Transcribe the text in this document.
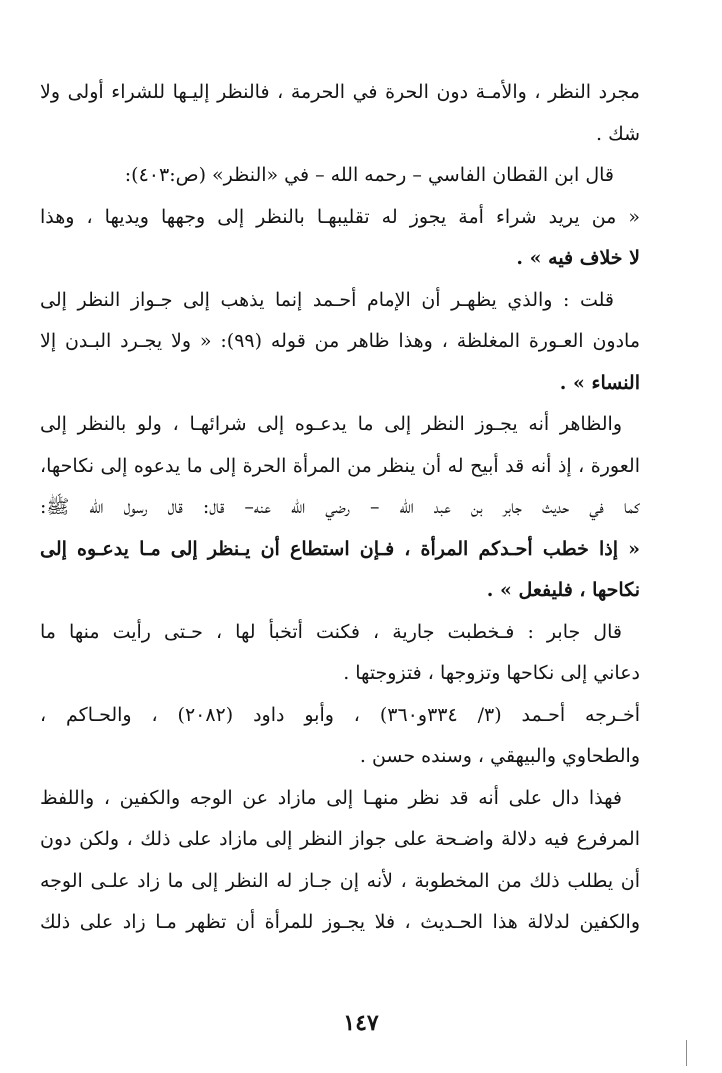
مجرد النظر ، والأمـة دون الحرة في الحرمة ، فالنظر إليـها للشراء أولى ولا
شك .
قال ابن القطان الفاسي – رحمه الله – في «النظر» (ص:٤٠٣):
« من يريد شراء أمة يجوز له تقليبهـا بالنظر إلى وجهها ويديها ، وهذا
لا خلاف فيه » .
قلت : والذي يظهـر أن الإمام أحـمد إنما يذهب إلى جـواز النظر إلى
مادون العـورة المغلظة ، وهذا ظاهر من قوله (٩٩): « ولا يجـرد البـدن إلا
النساء » .
والظاهر أنه يجـوز النظر إلى ما يدعـوه إلى شرائهـا ، ولو بالنظر إلى
العورة ، إذ أنه قد أبيح له أن ينظر من المرأة الحرة إلى ما يدعوه إلى نكاحها،
كما في حديث جابر بن عبد الله – رضي الله عنه– قال: قال رسول الله ﷺ:
« إذا خطب أحـدكم المرأة ، فـإن استطاع أن يـنظر إلى مـا يدعـوه إلى
نكاحها ، فليفعل » .
قال جابر : فـخطبت جارية ، فكنت أتخبأ لها ، حـتى رأيت منها ما
دعاني إلى نكاحها وتزوجها ، فتزوجتها .
أخـرجه أحـمد (٣/ ٣٣٤و٣٦٠) ، وأبو داود (٢٠٨٢) ، والحـاكم ،
والطحاوي والبيهقي ، وسنده حسن .
فهذا دال على أنه قد نظر منهـا إلى مازاد عن الوجه والكفين ، واللفظ
المرفرع فيه دلالة واضـحة على جواز النظر إلى مازاد على ذلك ، ولكن دون
أن يطلب ذلك من المخطوبة ، لأنه إن جـاز له النظر إلى ما زاد علـى الوجه
والكفين لدلالة هذا الحـديث ، فلا يجـوز للمرأة أن تظهر مـا زاد على ذلك
١٤٧
